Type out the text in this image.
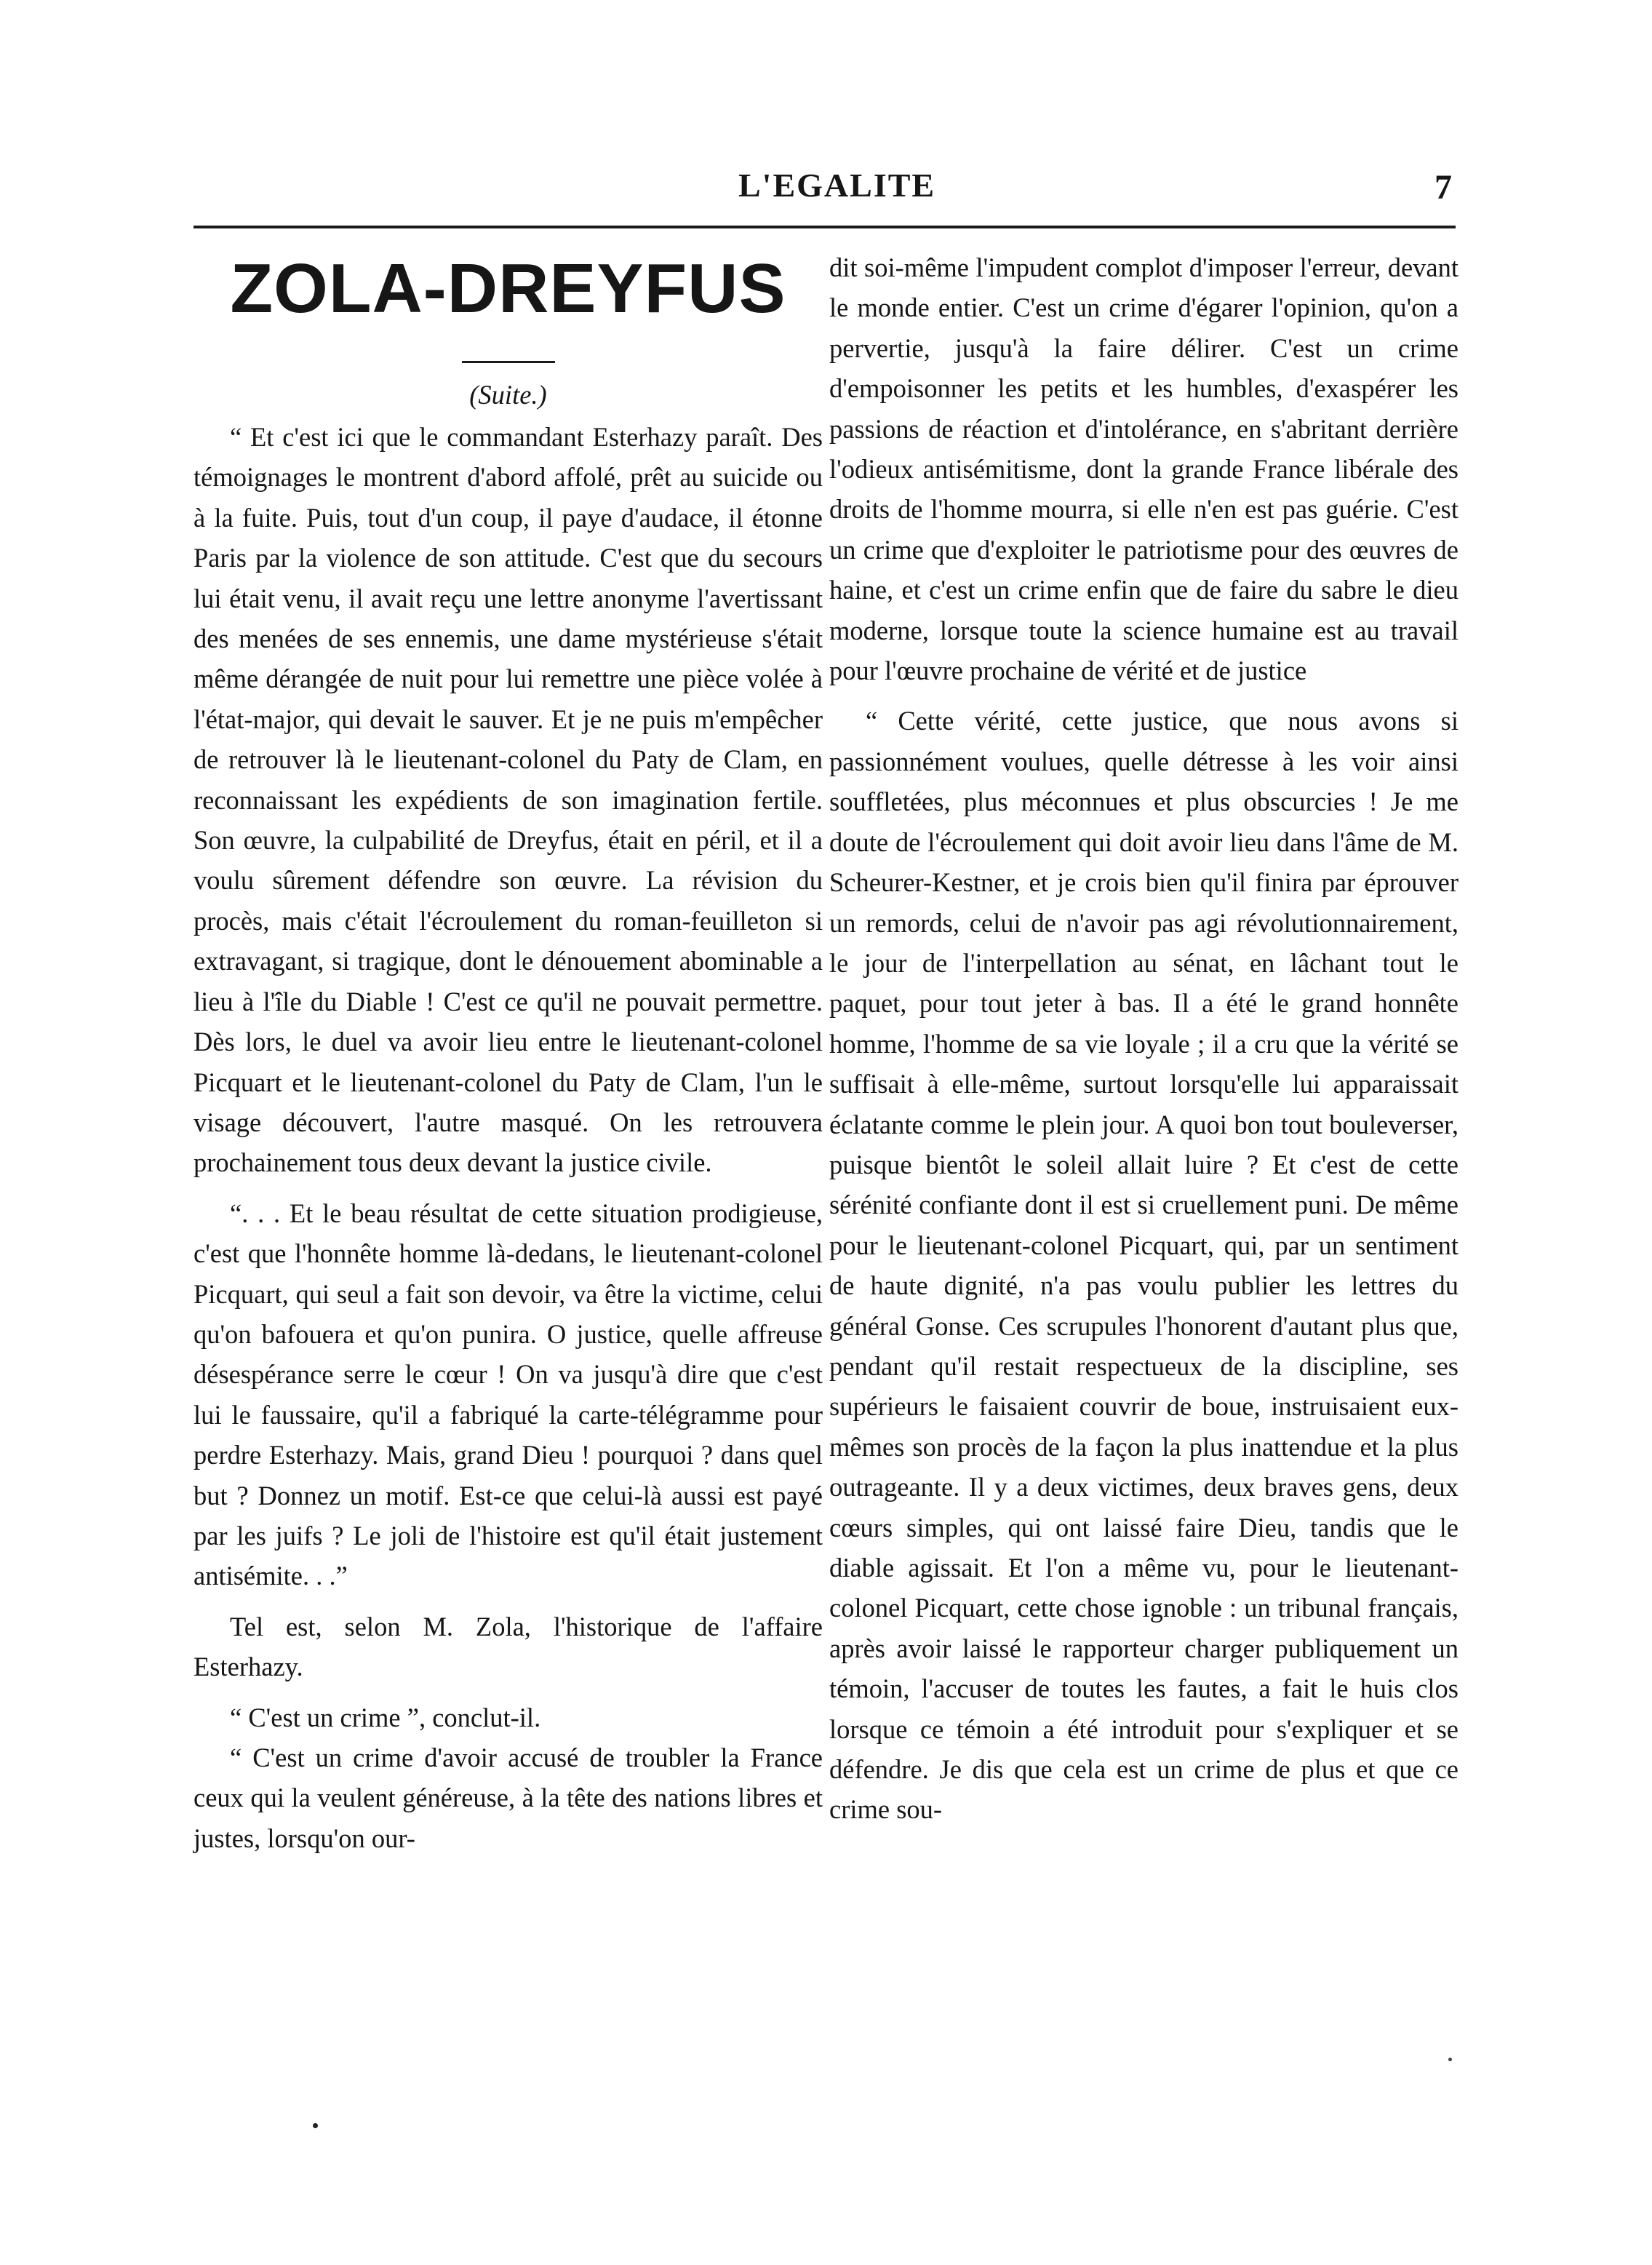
L'EGALITE	7
ZOLA-DREYFUS

(Suite.)

“ Et c'est ici que le commandant Esterhazy paraît. Des témoignages le montrent d'abord affolé, prêt au suicide ou à la fuite. Puis, tout d'un coup, il paye d'audace, il étonne Paris par la violence de son attitude. C'est que du secours lui était venu, il avait reçu une lettre anonyme l'avertissant des menées de ses ennemis, une dame mystérieuse s'était même dérangée de nuit pour lui remettre une pièce volée à l'état-major, qui devait le sauver. Et je ne puis m'empêcher de retrouver là le lieutenant-colonel du Paty de Clam, en reconnaissant les expédients de son imagination fertile. Son œuvre, la culpabilité de Dreyfus, était en péril, et il a voulu sûrement défendre son œuvre. La révision du procès, mais c'était l'écroulement du roman-feuilleton si extravagant, si tragique, dont le dénouement abominable a lieu à l'île du Diable ! C'est ce qu'il ne pouvait permettre. Dès lors, le duel va avoir lieu entre le lieutenant-colonel Picquart et le lieutenant-colonel du Paty de Clam, l'un le visage découvert, l'autre masqué. On les retrouvera prochainement tous deux devant la justice civile.

“. . . Et le beau résultat de cette situation prodigieuse, c'est que l'honnête homme là-dedans, le lieutenant-colonel Picquart, qui seul a fait son devoir, va être la victime, celui qu'on bafouera et qu'on punira. O justice, quelle affreuse désespérance serre le cœur ! On va jusqu'à dire que c'est lui le faussaire, qu'il a fabriqué la carte-télégramme pour perdre Esterhazy. Mais, grand Dieu ! pourquoi ? dans quel but ? Donnez un motif. Est-ce que celui-là aussi est payé par les juifs ? Le joli de l'histoire est qu'il était justement antisémite. . .”

Tel est, selon M. Zola, l'historique de l'affaire Esterhazy.

“ C'est un crime ”, conclut-il.

“ C'est un crime d'avoir accusé de troubler la France ceux qui la veulent généreuse, à la tête des nations libres et justes, lorsqu'on our-

dit soi-même l'impudent complot d'imposer l'erreur, devant le monde entier. C'est un crime d'égarer l'opinion, qu'on a pervertie, jusqu'à la faire délirer. C'est un crime d'empoisonner les petits et les humbles, d'exaspérer les passions de réaction et d'intolérance, en s'abritant derrière l'odieux antisémitisme, dont la grande France libérale des droits de l'homme mourra, si elle n'en est pas guérie. C'est un crime que d'exploiter le patriotisme pour des œuvres de haine, et c'est un crime enfin que de faire du sabre le dieu moderne, lorsque toute la science humaine est au travail pour l'œuvre prochaine de vérité et de justice

“ Cette vérité, cette justice, que nous avons si passionnément voulues, quelle détresse à les voir ainsi souffletées, plus méconnues et plus obscurcies ! Je me doute de l'écroulement qui doit avoir lieu dans l'âme de M. Scheurer-Kestner, et je crois bien qu'il finira par éprouver un remords, celui de n'avoir pas agi révolutionnairement, le jour de l'interpellation au sénat, en lâchant tout le paquet, pour tout jeter à bas. Il a été le grand honnête homme, l'homme de sa vie loyale ; il a cru que la vérité se suffisait à elle-même, surtout lorsqu'elle lui apparaissait éclatante comme le plein jour. A quoi bon tout bouleverser, puisque bientôt le soleil allait luire ? Et c'est de cette sérénité confiante dont il est si cruellement puni. De même pour le lieutenant-colonel Picquart, qui, par un sentiment de haute dignité, n'a pas voulu publier les lettres du général Gonse. Ces scrupules l'honorent d'autant plus que, pendant qu'il restait respectueux de la discipline, ses supérieurs le faisaient couvrir de boue, instruisaient eux-mêmes son procès de la façon la plus inattendue et la plus outrageante. Il y a deux victimes, deux braves gens, deux cœurs simples, qui ont laissé faire Dieu, tandis que le diable agissait. Et l'on a même vu, pour le lieutenant-colonel Picquart, cette chose ignoble : un tribunal français, après avoir laissé le rapporteur charger publiquement un témoin, l'accuser de toutes les fautes, a fait le huis clos lorsque ce témoin a été introduit pour s'expliquer et se défendre. Je dis que cela est un crime de plus et que ce crime sou-
